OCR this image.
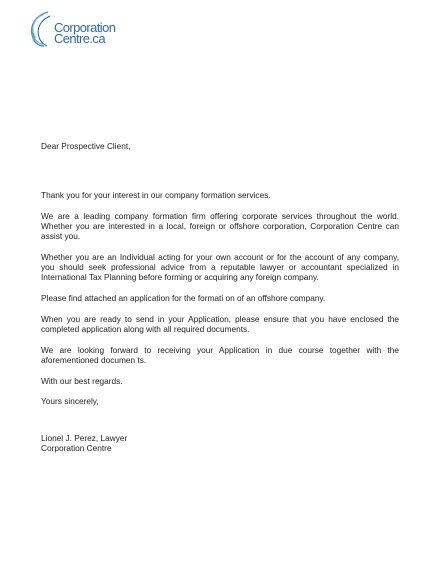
Corporation
Centre.ca

Dear Prospective Client,

Thank you for your interest in our company formation services.

We are a leading company formation firm offering corporate services throughout the world. Whether you are interested in a local, foreign or offshore corporation, Corporation Centre can assist you.

Whether you are an Individual acting for your own account or for the account of any company, you should seek professional advice from a reputable lawyer or accountant specialized in International Tax Planning before forming or acquiring any foreign company.

Please find attached an application for the formati on of an offshore company.

When you are ready to send in your Application, please ensure that you have enclosed the completed application along with all required documents.

We are looking forward to receiving your Application in due course together with the aforementioned documen ts.

With our best regards.

Yours sincerely,

Lionel J. Perez, Lawyer

Corporation Centre
